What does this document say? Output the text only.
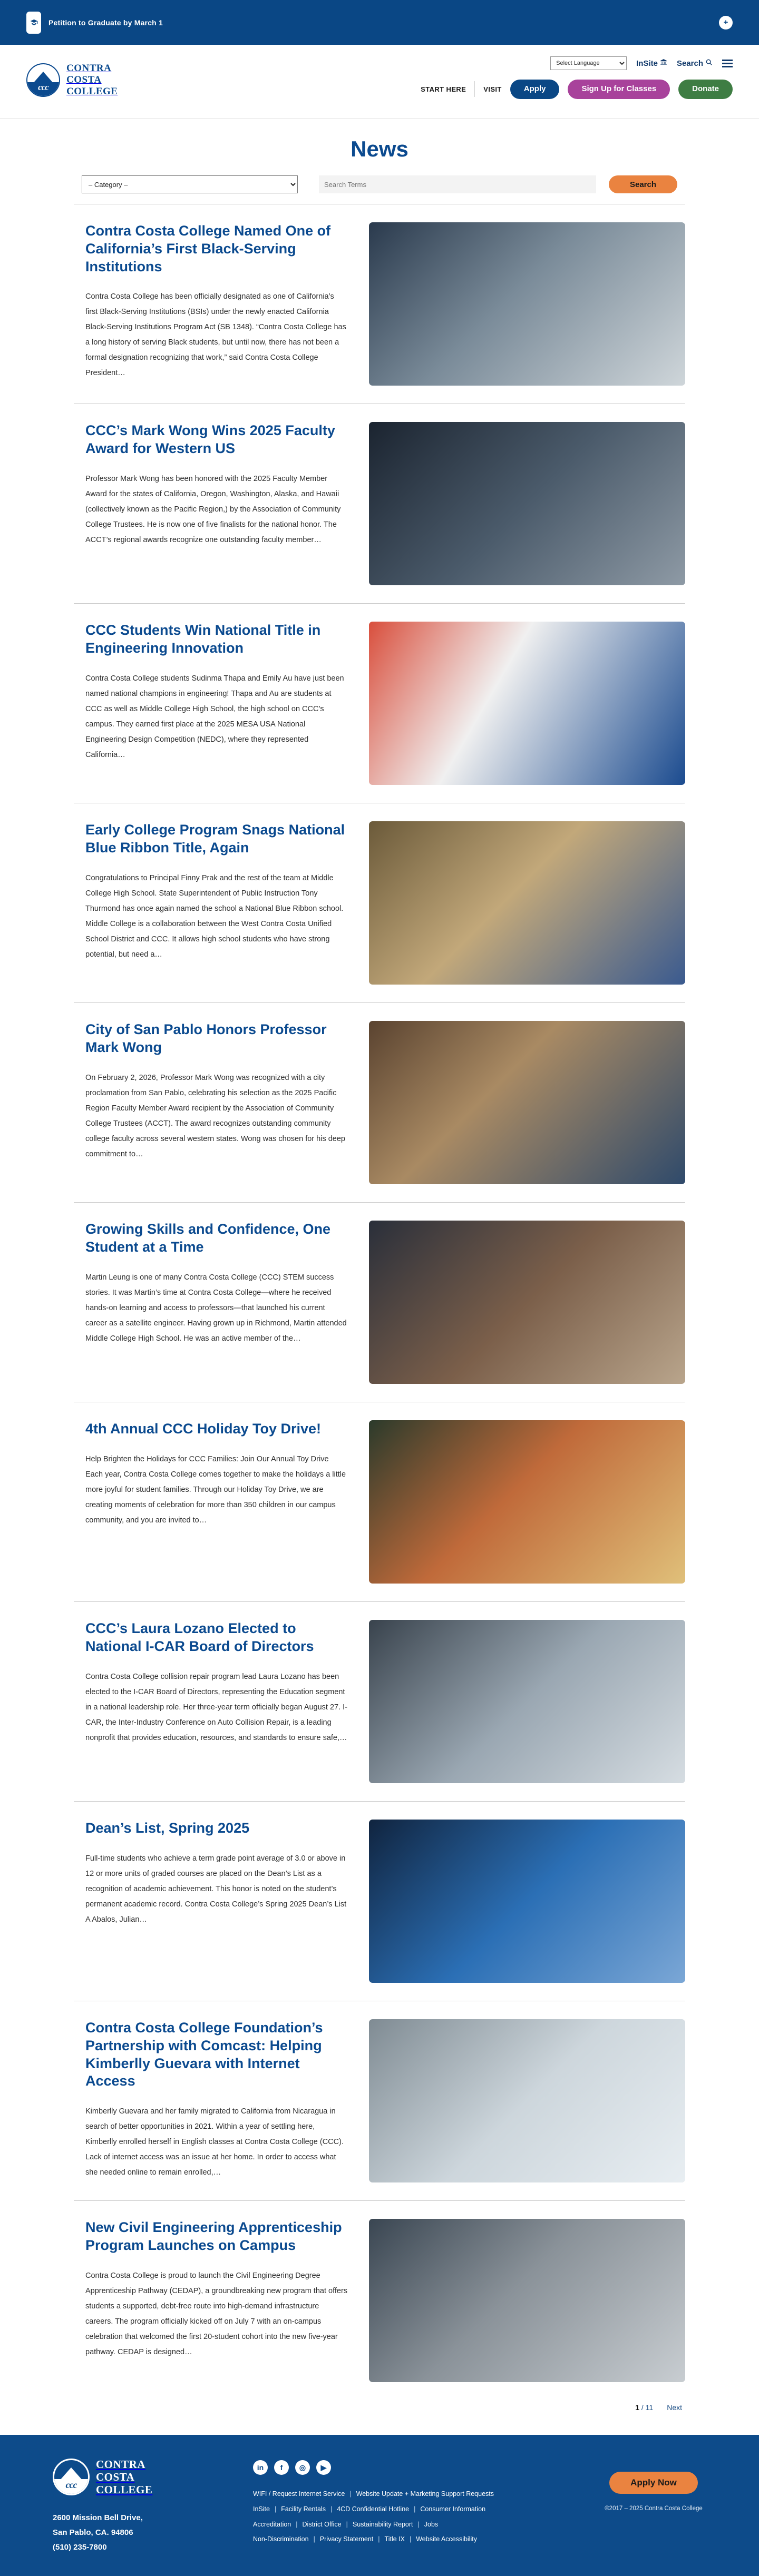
Petition to Graduate by March 1	+
ccc
CONTRA
COSTA
COLLEGE
Select Language
InSite Search
START HERE	VISIT	Apply	Sign Up for Classes	Donate
News
– Category –
Search Terms
Search
Contra Costa College Named One of California’s First Black-Serving Institutions

Contra Costa College has been officially designated as one of California’s first Black-Serving Institutions (BSIs) under the newly enacted California Black-Serving Institutions Program Act (SB 1348). “Contra Costa College has a long history of serving Black students, but until now, there has not been a formal designation recognizing that work,” said Contra Costa College President…

CCC’s Mark Wong Wins 2025 Faculty Award for Western US

Professor Mark Wong has been honored with the 2025 Faculty Member Award for the states of California, Oregon, Washington, Alaska, and Hawaii (collectively known as the Pacific Region,) by the Association of Community College Trustees. He is now one of five finalists for the national honor. The ACCT’s regional awards recognize one outstanding faculty member…

CCC Students Win National Title in Engineering Innovation

Contra Costa College students Sudinma Thapa and Emily Au have just been named national champions in engineering! Thapa and Au are students at CCC as well as Middle College High School, the high school on CCC’s campus. They earned first place at the 2025 MESA USA National Engineering Design Competition (NEDC), where they represented California…

Early College Program Snags National Blue Ribbon Title, Again

Congratulations to Principal Finny Prak and the rest of the team at Middle College High School. State Superintendent of Public Instruction Tony Thurmond has once again named the school a National Blue Ribbon school. Middle College is a collaboration between the West Contra Costa Unified School District and CCC. It allows high school students who have strong potential, but need a…

City of San Pablo Honors Professor Mark Wong

On February 2, 2026, Professor Mark Wong was recognized with a city proclamation from San Pablo, celebrating his selection as the 2025 Pacific Region Faculty Member Award recipient by the Association of Community College Trustees (ACCT). The award recognizes outstanding community college faculty across several western states. Wong was chosen for his deep commitment to…

Growing Skills and Confidence, One Student at a Time

Martin Leung is one of many Contra Costa College (CCC) STEM success stories. It was Martin’s time at Contra Costa College—where he received hands-on learning and access to professors—that launched his current career as a satellite engineer. Having grown up in Richmond, Martin attended Middle College High School. He was an active member of the…

4th Annual CCC Holiday Toy Drive!

Help Brighten the Holidays for CCC Families: Join Our Annual Toy Drive Each year, Contra Costa College comes together to make the holidays a little more joyful for student families. Through our Holiday Toy Drive, we are creating moments of celebration for more than 350 children in our campus community, and you are invited to…

CCC’s Laura Lozano Elected to National I-CAR Board of Directors

Contra Costa College collision repair program lead Laura Lozano has been elected to the I-CAR Board of Directors, representing the Education segment in a national leadership role. Her three-year term officially began August 27. I-CAR, the Inter-Industry Conference on Auto Collision Repair, is a leading nonprofit that provides education, resources, and standards to ensure safe,…

Dean’s List, Spring 2025

Full-time students who achieve a term grade point average of 3.0 or above in 12 or more units of graded courses are placed on the Dean’s List as a recognition of academic achievement. This honor is noted on the student’s permanent academic record. Contra Costa College’s Spring 2025 Dean’s List A Abalos, Julian…

Contra Costa College Foundation’s Partnership with Comcast: Helping Kimberlly Guevara with Internet Access

Kimberlly Guevara and her family migrated to California from Nicaragua in search of better opportunities in 2021. Within a year of settling here, Kimberlly enrolled herself in English classes at Contra Costa College (CCC). Lack of internet access was an issue at her home. In order to access what she needed online to remain enrolled,…

New Civil Engineering Apprenticeship Program Launches on Campus

Contra Costa College is proud to launch the Civil Engineering Degree Apprenticeship Pathway (CEDAP), a groundbreaking new program that offers students a supported, debt-free route into high-demand infrastructure careers. The program officially kicked off on July 7 with an on-campus celebration that welcomed the first 20-student cohort into the new five-year pathway. CEDAP is designed…

1 / 11 Next
ccc
CONTRA
COSTA
COLLEGE
2600 Mission Bell Drive,
San Pablo, CA. 94806
(510) 235-7800
in	f	◎	▶
WIFI / Request Internet Service | Website Update + Marketing Support Requests
InSite | Facility Rentals | 4CD Confidential Hotline | Consumer Information
Accreditation | District Office | Sustainability Report | Jobs
Non-Discrimination | Privacy Statement | Title IX | Website Accessibility
Apply Now
©2017 – 2025 Contra Costa College
